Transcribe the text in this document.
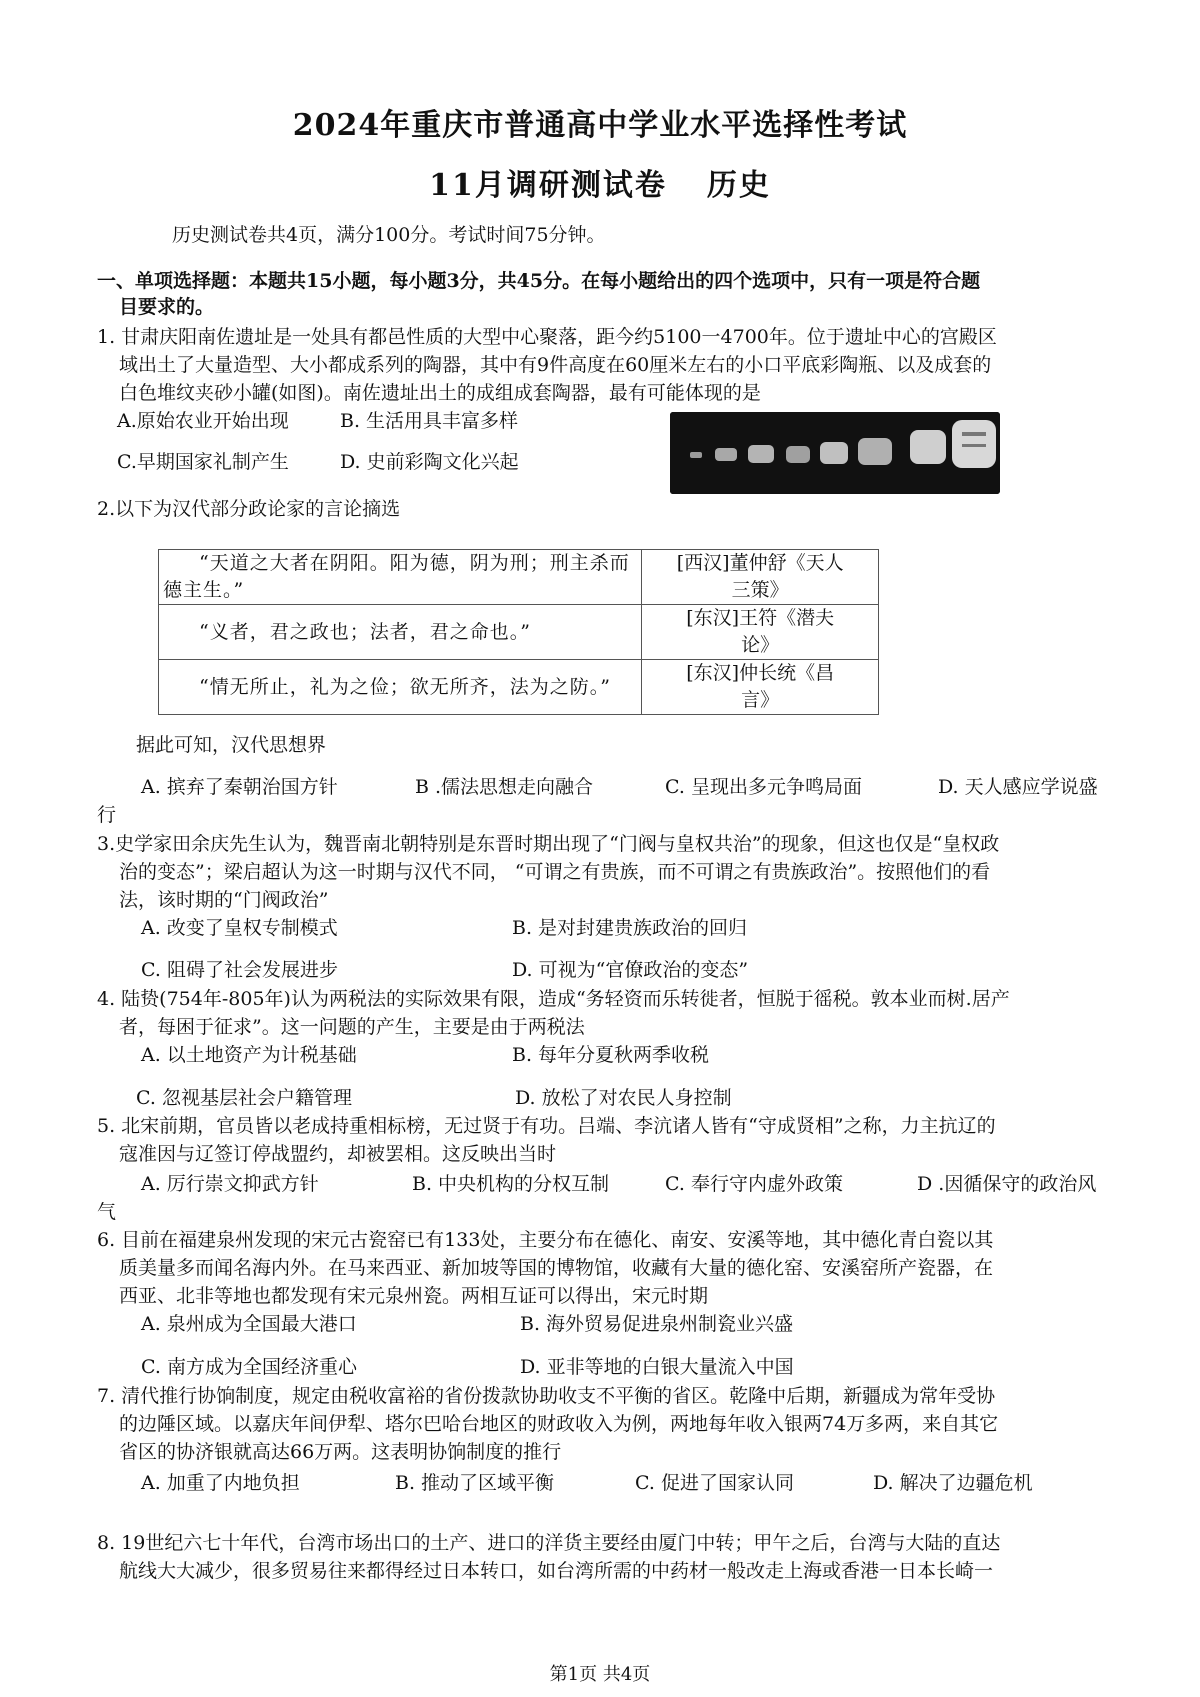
2024年重庆市普通高中学业水平选择性考试
11月调研测试卷 历史
历史测试卷共4页，满分100分。考试时间75分钟。
一、单项选择题：本题共15小题，每小题3分，共45分。在每小题给出的四个选项中，只有一项是符合题
目要求的。
1. 甘肃庆阳南佐遗址是一处具有都邑性质的大型中心聚落，距今约5100一4700年。位于遗址中心的宫殿区
域出土了大量造型、大小都成系列的陶器，其中有9件高度在60厘米左右的小口平底彩陶瓶、以及成套的
白色堆纹夹砂小罐(如图)。南佐遗址出土的成组成套陶器，最有可能体现的是
A.原始农业开始出现	B. 生活用具丰富多样
C.早期国家礼制产生	D. 史前彩陶文化兴起
2.以下为汉代部分政论家的言论摘选
“天道之大者在阴阳。阳为德，阴为刑；刑主杀而德主生。”	[西汉]董仲舒《天人
三策》

“义者，君之政也；法者，君之命也。”	[东汉]王符《潜夫
论》

“情无所止，礼为之俭；欲无所齐，法为之防。”	[东汉]仲长统《昌
言》
据此可知，汉代思想界
A. 摈弃了秦朝治国方针	B .儒法思想走向融合	C. 呈现出多元争鸣局面	D. 天人感应学说盛
行
3.史学家田余庆先生认为，魏晋南北朝特别是东晋时期出现了“门阀与皇权共治”的现象，但这也仅是“皇权政
治的变态”；梁启超认为这一时期与汉代不同， “可谓之有贵族，而不可谓之有贵族政治”。按照他们的看
法，该时期的“门阀政治”
A. 改变了皇权专制模式	B. 是对封建贵族政治的回归
C. 阻碍了社会发展进步	D. 可视为“官僚政治的变态”
4. 陆贽(754年-805年)认为两税法的实际效果有限，造成“务轻资而乐转徙者，恒脱于徭税。敦本业而树.居产
者，每困于征求”。这一问题的产生，主要是由于两税法
A. 以土地资产为计税基础	B. 每年分夏秋两季收税
C. 忽视基层社会户籍管理	D. 放松了对农民人身控制
5. 北宋前期，官员皆以老成持重相标榜，无过贤于有功。吕端、李沆诸人皆有“守成贤相”之称，力主抗辽的
寇准因与辽签订停战盟约，却被罢相。这反映出当时
A. 厉行崇文抑武方针	B. 中央机构的分权互制	C. 奉行守内虚外政策	D .因循保守的政治风
气
6. 目前在福建泉州发现的宋元古瓷窑已有133处，主要分布在德化、南安、安溪等地，其中德化青白瓷以其
质美量多而闻名海内外。在马来西亚、新加坡等国的博物馆，收藏有大量的德化窑、安溪窑所产瓷器，在
西亚、北非等地也都发现有宋元泉州瓷。两相互证可以得出，宋元时期
A. 泉州成为全国最大港口	B. 海外贸易促进泉州制瓷业兴盛
C. 南方成为全国经济重心	D. 亚非等地的白银大量流入中国
7. 清代推行协饷制度，规定由税收富裕的省份拨款协助收支不平衡的省区。乾隆中后期，新疆成为常年受协
的边陲区域。以嘉庆年间伊犁、塔尔巴哈台地区的财政收入为例，两地每年收入银两74万多两，来自其它
省区的协济银就高达66万两。这表明协饷制度的推行
A. 加重了内地负担	B. 推动了区域平衡	C. 促进了国家认同	D. 解决了边疆危机
8. 19世纪六七十年代，台湾市场出口的土产、进口的洋货主要经由厦门中转；甲午之后，台湾与大陆的直达
航线大大减少，很多贸易往来都得经过日本转口，如台湾所需的中药材一般改走上海或香港一日本长崎一
第1页 共4页
